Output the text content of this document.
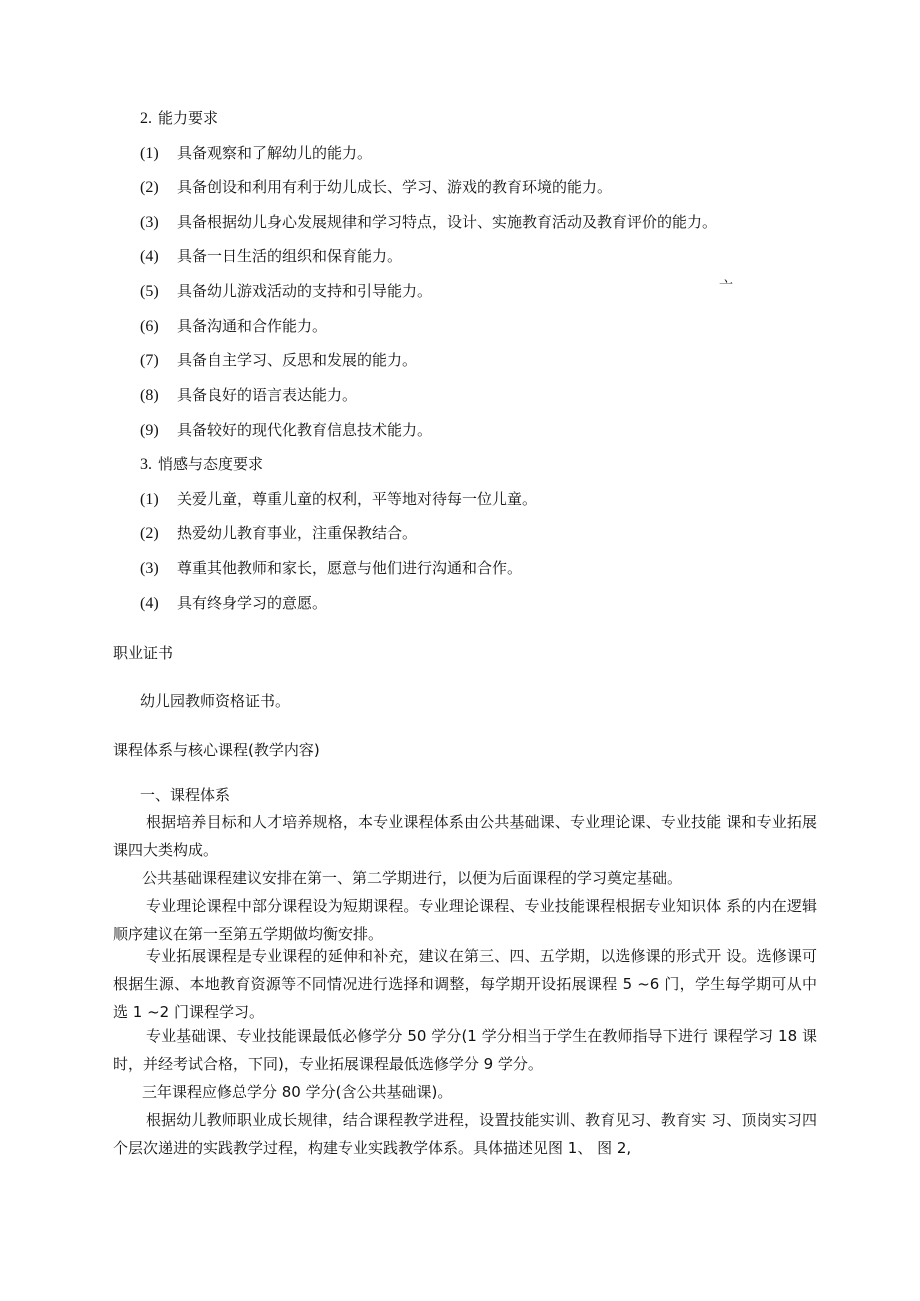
2. 能力要求
(1) 具备观察和了解幼儿的能力。
(2) 具备创设和利用有利于幼儿成长、学习、游戏的教育环境的能力。
(3) 具备根据幼儿身心发展规律和学习特点，设计、实施教育活动及教育评价的能力。
(4) 具备一日生活的组织和保育能力。
(5) 具备幼儿游戏活动的支持和引导能力。	亠
(6) 具备沟通和合作能力。
(7) 具备自主学习、反思和发展的能力。
(8) 具备良好的语言表达能力。
(9) 具备较好的现代化教育信息技术能力。
3. 悄感与态度要求
(1) 关爱儿童，尊重儿童的权利，平等地对待每一位儿童。
(2) 热爱幼儿教育事业，注重保教结合。
(3) 尊重其他教师和家长，愿意与他们进行沟通和合作。
(4) 具有终身学习的意愿。
职业证书
幼儿园教师资格证书。
课程体系与核心课程(教学内容)
一、课程体系
根据培养目标和人才培养规格，本专业课程体系由公共基础课、专业理论课、专业技能 课和专业拓展课四大类构成。
公共基础课程建议安排在第一、第二学期进行，以便为后面课程的学习奠定基础。
专业理论课程中部分课程设为短期课程。专业理论课程、专业技能课程根据专业知识体 系的内在逻辑顺序建议在第一至第五学期做均衡安排。
专业拓展课程是专业课程的延伸和补充，建议在第三、四、五学期，以选修课的形式开 设。选修课可根据生源、本地教育资源等不同情况进行选择和调整，每学期开设拓展课程 5 ~6 门，学生每学期可从中选 1 ~2 门课程学习。
专业基础课、专业技能课最低必修学分 50 学分(1 学分相当于学生在教师指导下进行 课程学习 18 课时，并经考试合格，下同)，专业拓展课程最低选修学分 9 学分。
三年课程应修总学分 80 学分(含公共基础课)。
根据幼儿教师职业成长规律，结合课程教学进程，设置技能实训、教育见习、教育实 习、顶岗实习四个层次递进的实践教学过程，构建专业实践教学体系。具体描述见图 1、 图 2,
